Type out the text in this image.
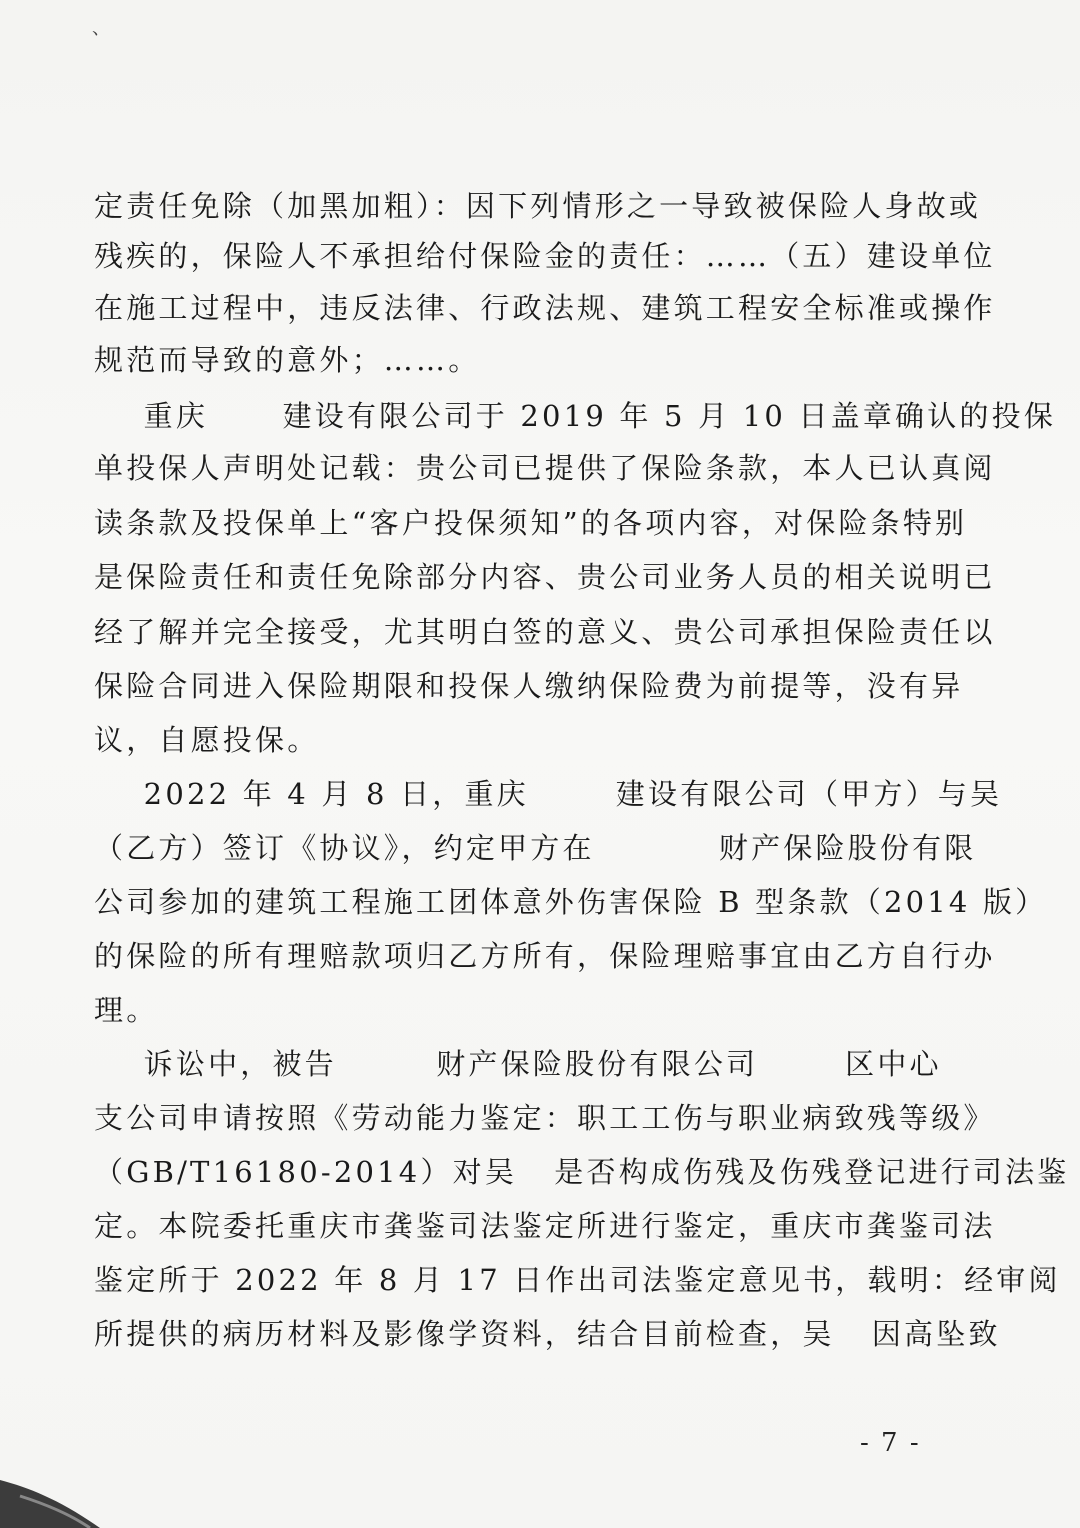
、
定责任免除（加黑加粗）：因下列情形之一导致被保险人身故或
残疾的，保险人不承担给付保险金的责任：……（五）建设单位
在施工过程中，违反法律、行政法规、建筑工程安全标准或操作
规范而导致的意外；……。
重庆      建设有限公司于 2019 年 5 月 10 日盖章确认的投保
单投保人声明处记载：贵公司已提供了保险条款，本人已认真阅
读条款及投保单上“客户投保须知”的各项内容，对保险条特别
是保险责任和责任免除部分内容、贵公司业务人员的相关说明已
经了解并完全接受，尤其明白签的意义、贵公司承担保险责任以
保险合同进入保险期限和投保人缴纳保险费为前提等，没有异
议，自愿投保。
2022 年 4 月 8 日，重庆       建设有限公司（甲方）与吴
（乙方）签订《协议》，约定甲方在          财产保险股份有限
公司参加的建筑工程施工团体意外伤害保险 B 型条款（2014 版）
的保险的所有理赔款项归乙方所有，保险理赔事宜由乙方自行办
理。
诉讼中，被告        财产保险股份有限公司       区中心
支公司申请按照《劳动能力鉴定：职工工伤与职业病致残等级》
（GB/T16180-2014）对吴   是否构成伤残及伤残登记进行司法鉴
定。本院委托重庆市龚鉴司法鉴定所进行鉴定，重庆市龚鉴司法
鉴定所于 2022 年 8 月 17 日作出司法鉴定意见书，载明：经审阅
所提供的病历材料及影像学资料，结合目前检查，吴   因高坠致
- 7 -
